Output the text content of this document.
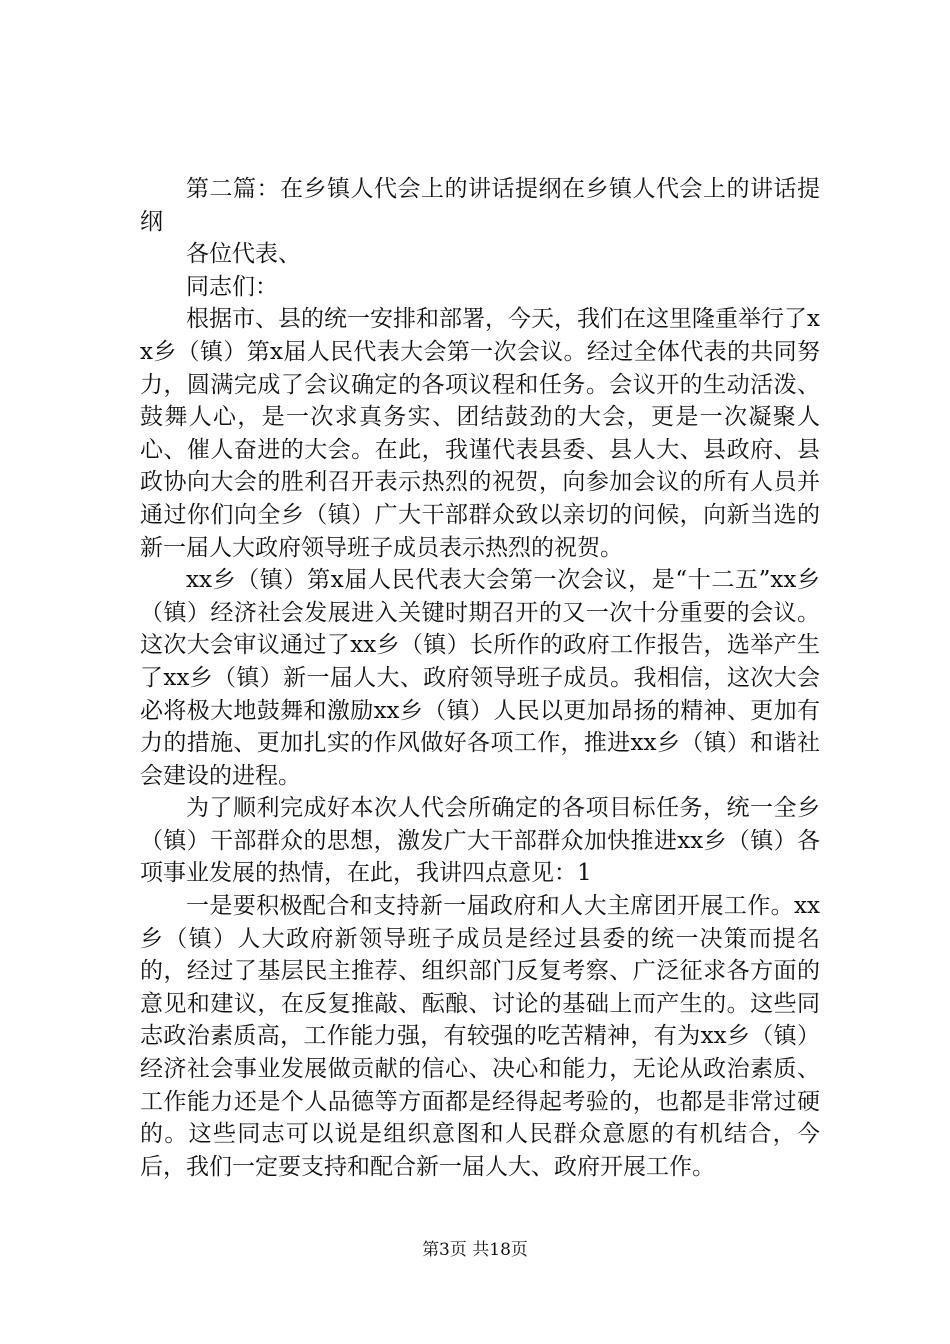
第二篇：在乡镇人代会上的讲话提纲在乡镇人代会上的讲话提纲

各位代表、

同志们：

根据市、县的统一安排和部署，今天，我们在这里隆重举行了xx乡（镇）第x届人民代表大会第一次会议。经过全体代表的共同努力，圆满完成了会议确定的各项议程和任务。会议开的生动活泼、鼓舞人心，是一次求真务实、团结鼓劲的大会，更是一次凝聚人心、催人奋进的大会。在此，我谨代表县委、县人大、县政府、县政协向大会的胜利召开表示热烈的祝贺，向参加会议的所有人员并通过你们向全乡（镇）广大干部群众致以亲切的问候，向新当选的新一届人大政府领导班子成员表示热烈的祝贺。

xx乡（镇）第x届人民代表大会第一次会议，是“十二五”xx乡（镇）经济社会发展进入关键时期召开的又一次十分重要的会议。这次大会审议通过了xx乡（镇）长所作的政府工作报告，选举产生了xx乡（镇）新一届人大、政府领导班子成员。我相信，这次大会必将极大地鼓舞和激励xx乡（镇）人民以更加昂扬的精神、更加有力的措施、更加扎实的作风做好各项工作，推进xx乡（镇）和谐社会建设的进程。

为了顺利完成好本次人代会所确定的各项目标任务，统一全乡（镇）干部群众的思想，激发广大干部群众加快推进xx乡（镇）各项事业发展的热情，在此，我讲四点意见：1

一是要积极配合和支持新一届政府和人大主席团开展工作。xx乡（镇）人大政府新领导班子成员是经过县委的统一决策而提名的，经过了基层民主推荐、组织部门反复考察、广泛征求各方面的意见和建议，在反复推敲、酝酿、讨论的基础上而产生的。这些同志政治素质高，工作能力强，有较强的吃苦精神，有为xx乡（镇）经济社会事业发展做贡献的信心、决心和能力，无论从政治素质、工作能力还是个人品德等方面都是经得起考验的，也都是非常过硬的。这些同志可以说是组织意图和人民群众意愿的有机结合，今后，我们一定要支持和配合新一届人大、政府开展工作。

第3页 共18页
